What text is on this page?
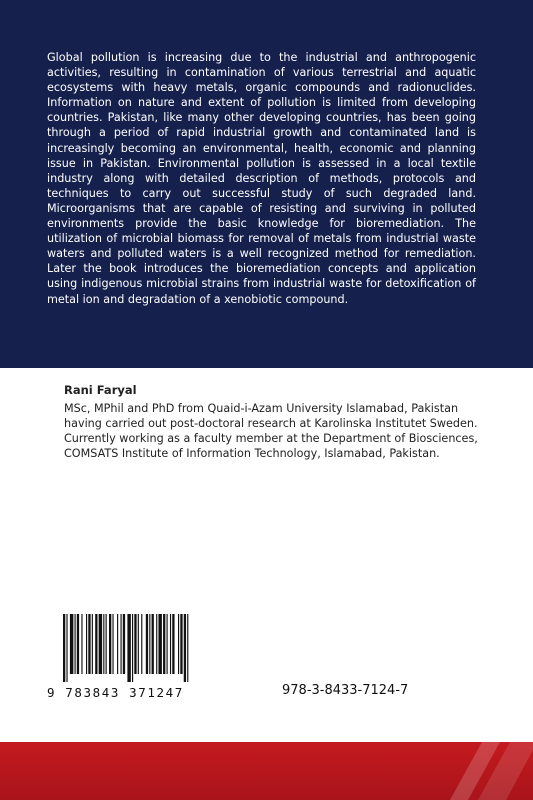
Global pollution is increasing due to the industrial and anthropogenic activities, resulting in contamination of various terrestrial and aquatic ecosystems with heavy metals, organic compounds and radionuclides. Information on nature and extent of pollution is limited from developing countries. Pakistan, like many other developing countries, has been going through a period of rapid industrial growth and contaminated land is increasingly becoming an environmental, health, economic and planning issue in Pakistan. Environmental pollution is assessed in a local textile industry along with detailed description of methods, protocols and techniques to carry out successful study of such degraded land. Microorganisms that are capable of resisting and surviving in polluted environments provide the basic knowledge for bioremediation. The utilization of microbial biomass for removal of metals from industrial waste waters and polluted waters is a well recognized method for remediation. Later the book introduces the bioremediation concepts and application using indigenous microbial strains from industrial waste for detoxification of metal ion and degradation of a xenobiotic compound.

Rani Faryal

MSc, MPhil and PhD from Quaid-i-Azam University Islamabad, Pakistan having carried out post-doctoral research at Karolinska Institutet Sweden. Currently working as a faculty member at the Department of Biosciences, COMSATS Institute of Information Technology, Islamabad, Pakistan.

9 783843 371247	978-3-8433-7124-7
